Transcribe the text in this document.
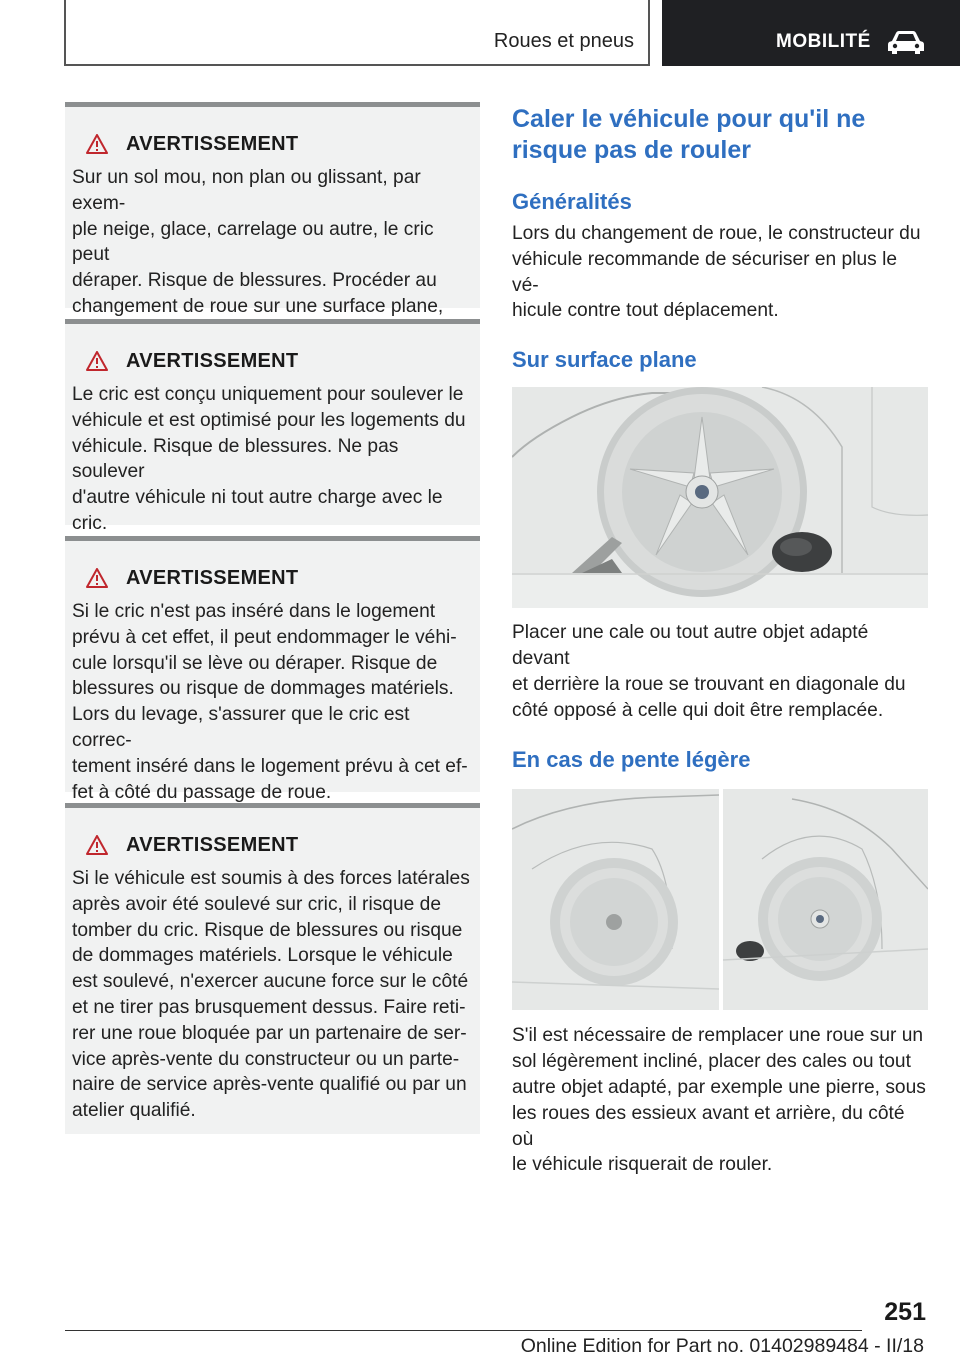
Roues et pneus	MOBILITÉ
AVERTISSEMENT
Sur un sol mou, non plan ou glissant, par exem-
ple neige, glace, carrelage ou autre, le cric peut
déraper. Risque de blessures. Procéder au
changement de roue sur une surface plane,
AVERTISSEMENT
Le cric est conçu uniquement pour soulever le
véhicule et est optimisé pour les logements du
véhicule. Risque de blessures. Ne pas soulever
d'autre véhicule ni tout autre charge avec le
cric.
AVERTISSEMENT
Si le cric n'est pas inséré dans le logement
prévu à cet effet, il peut endommager le véhi-
cule lorsqu'il se lève ou déraper. Risque de
blessures ou risque de dommages matériels.
Lors du levage, s'assurer que le cric est correc-
tement inséré dans le logement prévu à cet ef-
fet à côté du passage de roue.
AVERTISSEMENT
Si le véhicule est soumis à des forces latérales
après avoir été soulevé sur cric, il risque de
tomber du cric. Risque de blessures ou risque
de dommages matériels. Lorsque le véhicule
est soulevé, n'exercer aucune force sur le côté
et ne tirer pas brusquement dessus. Faire reti-
rer une roue bloquée par un partenaire de ser-
vice après-vente du constructeur ou un parte-
naire de service après-vente qualifié ou par un
atelier qualifié.
Caler le véhicule pour qu'il ne
risque pas de rouler
Généralités
Lors du changement de roue, le constructeur du
véhicule recommande de sécuriser en plus le vé-
hicule contre tout déplacement.
Sur surface plane
Placer une cale ou tout autre objet adapté devant
et derrière la roue se trouvant en diagonale du
côté opposé à celle qui doit être remplacée.
En cas de pente légère
S'il est nécessaire de remplacer une roue sur un
sol légèrement incliné, placer des cales ou tout
autre objet adapté, par exemple une pierre, sous
les roues des essieux avant et arrière, du côté où
le véhicule risquerait de rouler.
251
Online Edition for Part no. 01402989484 - II/18
